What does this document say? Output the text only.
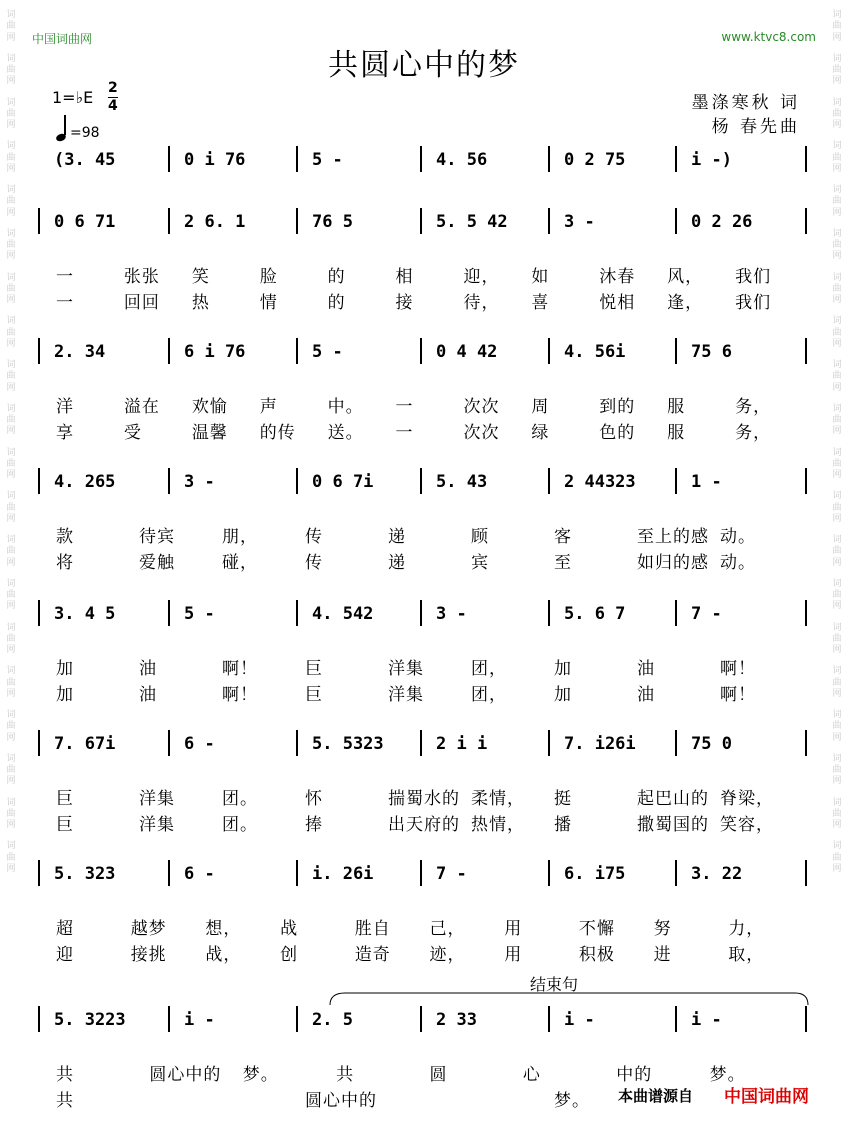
词
曲
网
词
曲
网
词
曲
网
词
曲
网
词
曲
网
词
曲
网
词
曲
网
词
曲
网
词
曲
网
词
曲
网
词
曲
网
词
曲
网
词
曲
网
词
曲
网
词
曲
网
词
曲
网
词
曲
网
词
曲
网
词
曲
网
词
曲
网
词
曲
网
词
曲
网
词
曲
网
词
曲
网
词
曲
网
词
曲
网
词
曲
网
词
曲
网
词
曲
网
词
曲
网
词
曲
网
词
曲
网
词
曲
网
词
曲
网
词
曲
网
词
曲
网
词
曲
网
词
曲
网
词
曲
网
词
曲
网
中国词曲网	www.ktvc8.com
共圆心中的梦
1=♭E 2
4
=98
墨涤寒秋 词
杨 春先曲
(3. 45	0 i 76	5 -	4. 56	0 2 75	i -)
0 6 71	2 6. 1	76 5	5. 5 42	3 -	0 2 26
一	张张 笑	脸	的	相	迎， 如	沐春 风， 我们
一	回回 热	情	的	接	待， 喜	悦相 逢， 我们
2. 34	6 i 76	5 -	0 4 42	4. 56i	75 6
洋	溢在 欢愉 声	中。 一	次次 周	到的 服	务，
享	受	温馨 的传 送。 一	次次 绿	色的 服	务，
4. 265	3 -	0 6 7i	5. 43	2 44323	1 -
款	待宾	朋，	传	递	顾	客	至上的感 动。
将	爱触	碰，	传	递	宾	至	如归的感 动。
3. 4 5	5 -	4. 542	3 -	5. 6 7	7 -
加	油	啊！	巨	洋集	团，	加	油	啊！
加	油	啊！	巨	洋集	团，	加	油	啊！
7. 67i	6 -	5. 5323	2 i i	7. i26i	75 0
巨	洋集	团。	怀	揣蜀水的 柔情， 挺	起巴山的 脊梁，
巨	洋集	团。	捧	出天府的 热情， 播	撒蜀国的 笑容，
5. 323	6 -	i. 26i	7 -	6. i75	3. 22
超	越梦 想， 战	胜自 己， 用	不懈 努	力，
迎	接挑 战， 创	造奇 迹， 用	积极 进	取，
5. 3223	i -	2. 5	2 33	i -	i -
共	圆心中的 梦。	共	圆	心	中的	梦。
共	圆心中的	梦。
结束句
本曲谱源自 中国词曲网
